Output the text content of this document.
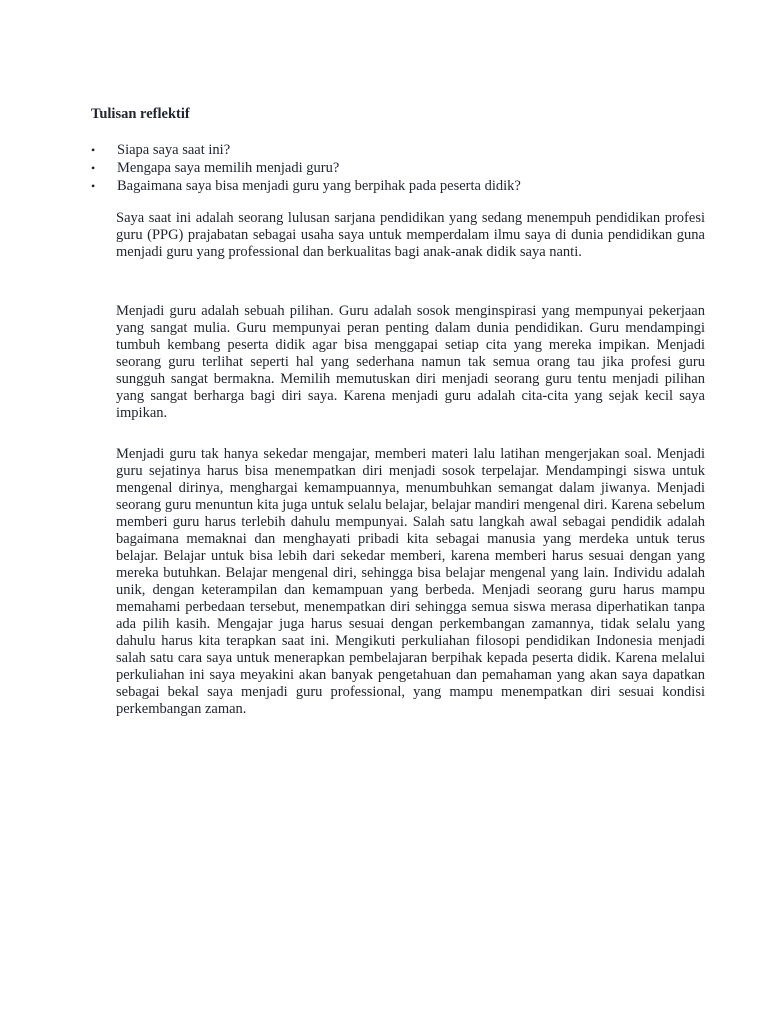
Tulisan reflektif
• Siapa saya saat ini?
• Mengapa saya memilih menjadi guru?
• Bagaimana saya bisa menjadi guru yang berpihak pada peserta didik?

Saya saat ini adalah seorang lulusan sarjana pendidikan yang sedang menempuh pendidikan profesi guru (PPG) prajabatan sebagai usaha saya untuk memperdalam ilmu saya di dunia pendidikan guna menjadi guru yang professional dan berkualitas bagi anak-anak didik saya nanti.

Menjadi guru adalah sebuah pilihan. Guru adalah sosok menginspirasi yang mempunyai pekerjaan yang sangat mulia. Guru mempunyai peran penting dalam dunia pendidikan. Guru mendampingi tumbuh kembang peserta didik agar bisa menggapai setiap cita yang mereka impikan. Menjadi seorang guru terlihat seperti hal yang sederhana namun tak semua orang tau jika profesi guru sungguh sangat bermakna. Memilih memutuskan diri menjadi seorang guru tentu menjadi pilihan yang sangat berharga bagi diri saya. Karena menjadi guru adalah cita-cita yang sejak kecil saya impikan.

Menjadi guru tak hanya sekedar mengajar, memberi materi lalu latihan mengerjakan soal. Menjadi guru sejatinya harus bisa menempatkan diri menjadi sosok terpelajar. Mendampingi siswa untuk mengenal dirinya, menghargai kemampuannya, menumbuhkan semangat dalam jiwanya. Menjadi seorang guru menuntun kita juga untuk selalu belajar, belajar mandiri mengenal diri. Karena sebelum memberi guru harus terlebih dahulu mempunyai. Salah satu langkah awal sebagai pendidik adalah bagaimana memaknai dan menghayati pribadi kita sebagai manusia yang merdeka untuk terus belajar. Belajar untuk bisa lebih dari sekedar memberi, karena memberi harus sesuai dengan yang mereka butuhkan. Belajar mengenal diri, sehingga bisa belajar mengenal yang lain. Individu adalah unik, dengan keterampilan dan kemampuan yang berbeda. Menjadi seorang guru harus mampu memahami perbedaan tersebut, menempatkan diri sehingga semua siswa merasa diperhatikan tanpa ada pilih kasih. Mengajar juga harus sesuai dengan perkembangan zamannya, tidak selalu yang dahulu harus kita terapkan saat ini. Mengikuti perkuliahan filosopi pendidikan Indonesia menjadi salah satu cara saya untuk menerapkan pembelajaran berpihak kepada peserta didik. Karena melalui perkuliahan ini saya meyakini akan banyak pengetahuan dan pemahaman yang akan saya dapatkan sebagai bekal saya menjadi guru professional, yang mampu menempatkan diri sesuai kondisi perkembangan zaman.
